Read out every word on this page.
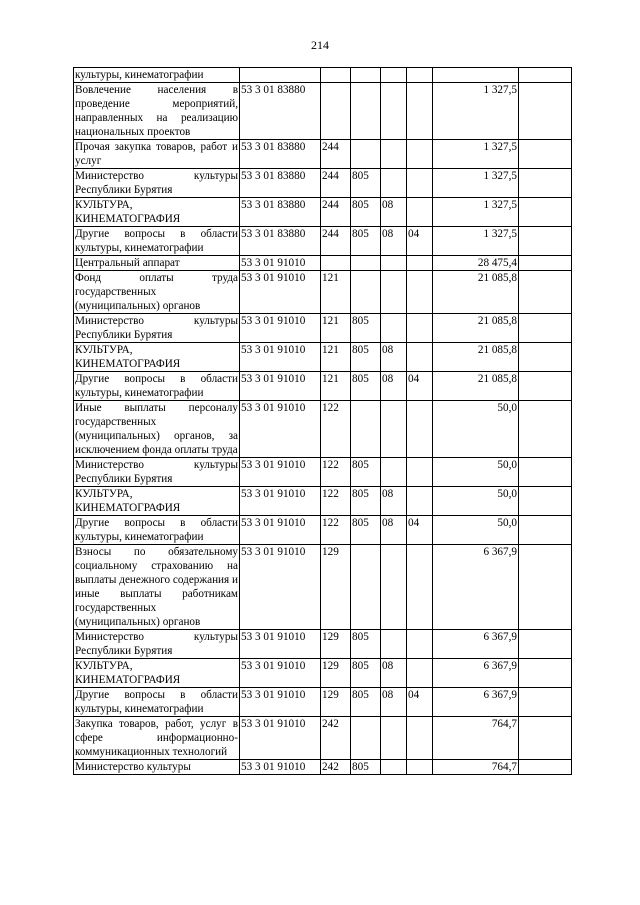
214
культуры, кинематографии							
Вовлечение населения в проведение мероприятий, направленных на реализацию национальных проектов	53 3 01 83880					1 327,5	
Прочая закупка товаров, работ и услуг	53 3 01 83880	244				1 327,5	
Министерство культуры Республики Бурятия	53 3 01 83880	244	805			1 327,5	
КУЛЬТУРА, КИНЕМАТОГРАФИЯ	53 3 01 83880	244	805	08		1 327,5	
Другие вопросы в области культуры, кинематографии	53 3 01 83880	244	805	08	04	1 327,5	
Центральный аппарат	53 3 01 91010					28 475,4	
Фонд оплаты труда государственных (муниципальных) органов	53 3 01 91010	121				21 085,8	
Министерство культуры Республики Бурятия	53 3 01 91010	121	805			21 085,8	
КУЛЬТУРА, КИНЕМАТОГРАФИЯ	53 3 01 91010	121	805	08		21 085,8	
Другие вопросы в области культуры, кинематографии	53 3 01 91010	121	805	08	04	21 085,8	
Иные выплаты персоналу государственных (муниципальных) органов, за исключением фонда оплаты труда	53 3 01 91010	122				50,0	
Министерство культуры Республики Бурятия	53 3 01 91010	122	805			50,0	
КУЛЬТУРА, КИНЕМАТОГРАФИЯ	53 3 01 91010	122	805	08		50,0	
Другие вопросы в области культуры, кинематографии	53 3 01 91010	122	805	08	04	50,0	
Взносы по обязательному социальному страхованию на выплаты денежного содержания и иные выплаты работникам государственных (муниципальных) органов	53 3 01 91010	129				6 367,9	
Министерство культуры Республики Бурятия	53 3 01 91010	129	805			6 367,9	
КУЛЬТУРА, КИНЕМАТОГРАФИЯ	53 3 01 91010	129	805	08		6 367,9	
Другие вопросы в области культуры, кинематографии	53 3 01 91010	129	805	08	04	6 367,9	
Закупка товаров, работ, услуг в сфере информационно-коммуникационных технологий	53 3 01 91010	242				764,7	
Министерство культуры	53 3 01 91010	242	805			764,7	
